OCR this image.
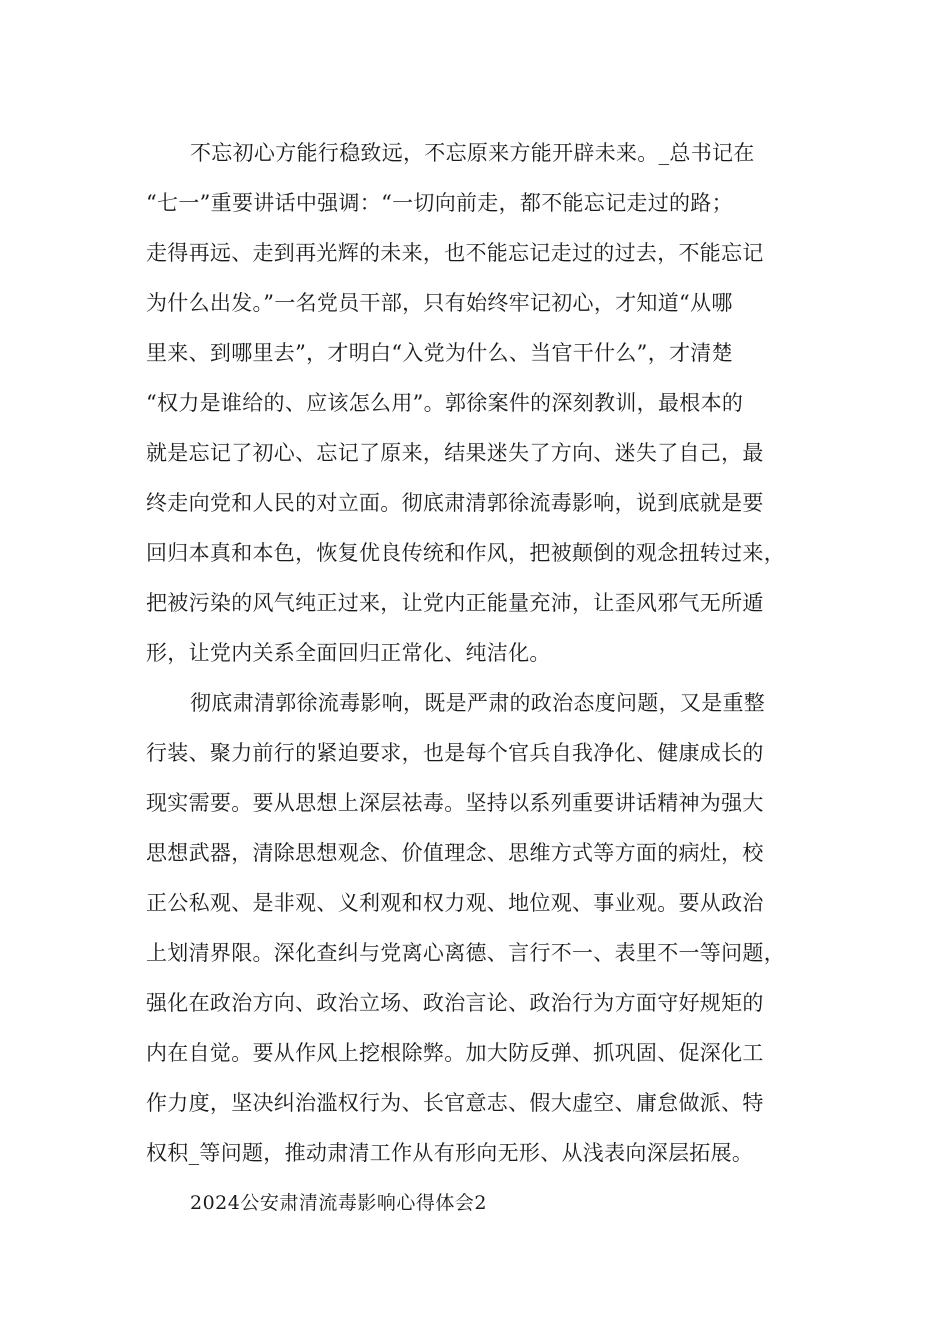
不忘初心方能行稳致远，不忘原来方能开辟未来。_总书记在
“七一”重要讲话中强调：“一切向前走，都不能忘记走过的路；
走得再远、走到再光辉的未来，也不能忘记走过的过去，不能忘记
为什么出发。”一名党员干部，只有始终牢记初心，才知道“从哪
里来、到哪里去”，才明白“入党为什么、当官干什么”，才清楚
“权力是谁给的、应该怎么用”。郭徐案件的深刻教训，最根本的
就是忘记了初心、忘记了原来，结果迷失了方向、迷失了自己，最
终走向党和人民的对立面。彻底肃清郭徐流毒影响，说到底就是要
回归本真和本色，恢复优良传统和作风，把被颠倒的观念扭转过来，
把被污染的风气纯正过来，让党内正能量充沛，让歪风邪气无所遁
形，让党内关系全面回归正常化、纯洁化。
彻底肃清郭徐流毒影响，既是严肃的政治态度问题，又是重整
行装、聚力前行的紧迫要求，也是每个官兵自我净化、健康成长的
现实需要。要从思想上深层祛毒。坚持以系列重要讲话精神为强大
思想武器，清除思想观念、价值理念、思维方式等方面的病灶，校
正公私观、是非观、义利观和权力观、地位观、事业观。要从政治
上划清界限。深化查纠与党离心离德、言行不一、表里不一等问题，
强化在政治方向、政治立场、政治言论、政治行为方面守好规矩的
内在自觉。要从作风上挖根除弊。加大防反弹、抓巩固、促深化工
作力度，坚决纠治滥权行为、长官意志、假大虚空、庸怠做派、特
权积_等问题，推动肃清工作从有形向无形、从浅表向深层拓展。
2024公安肃清流毒影响心得体会2
